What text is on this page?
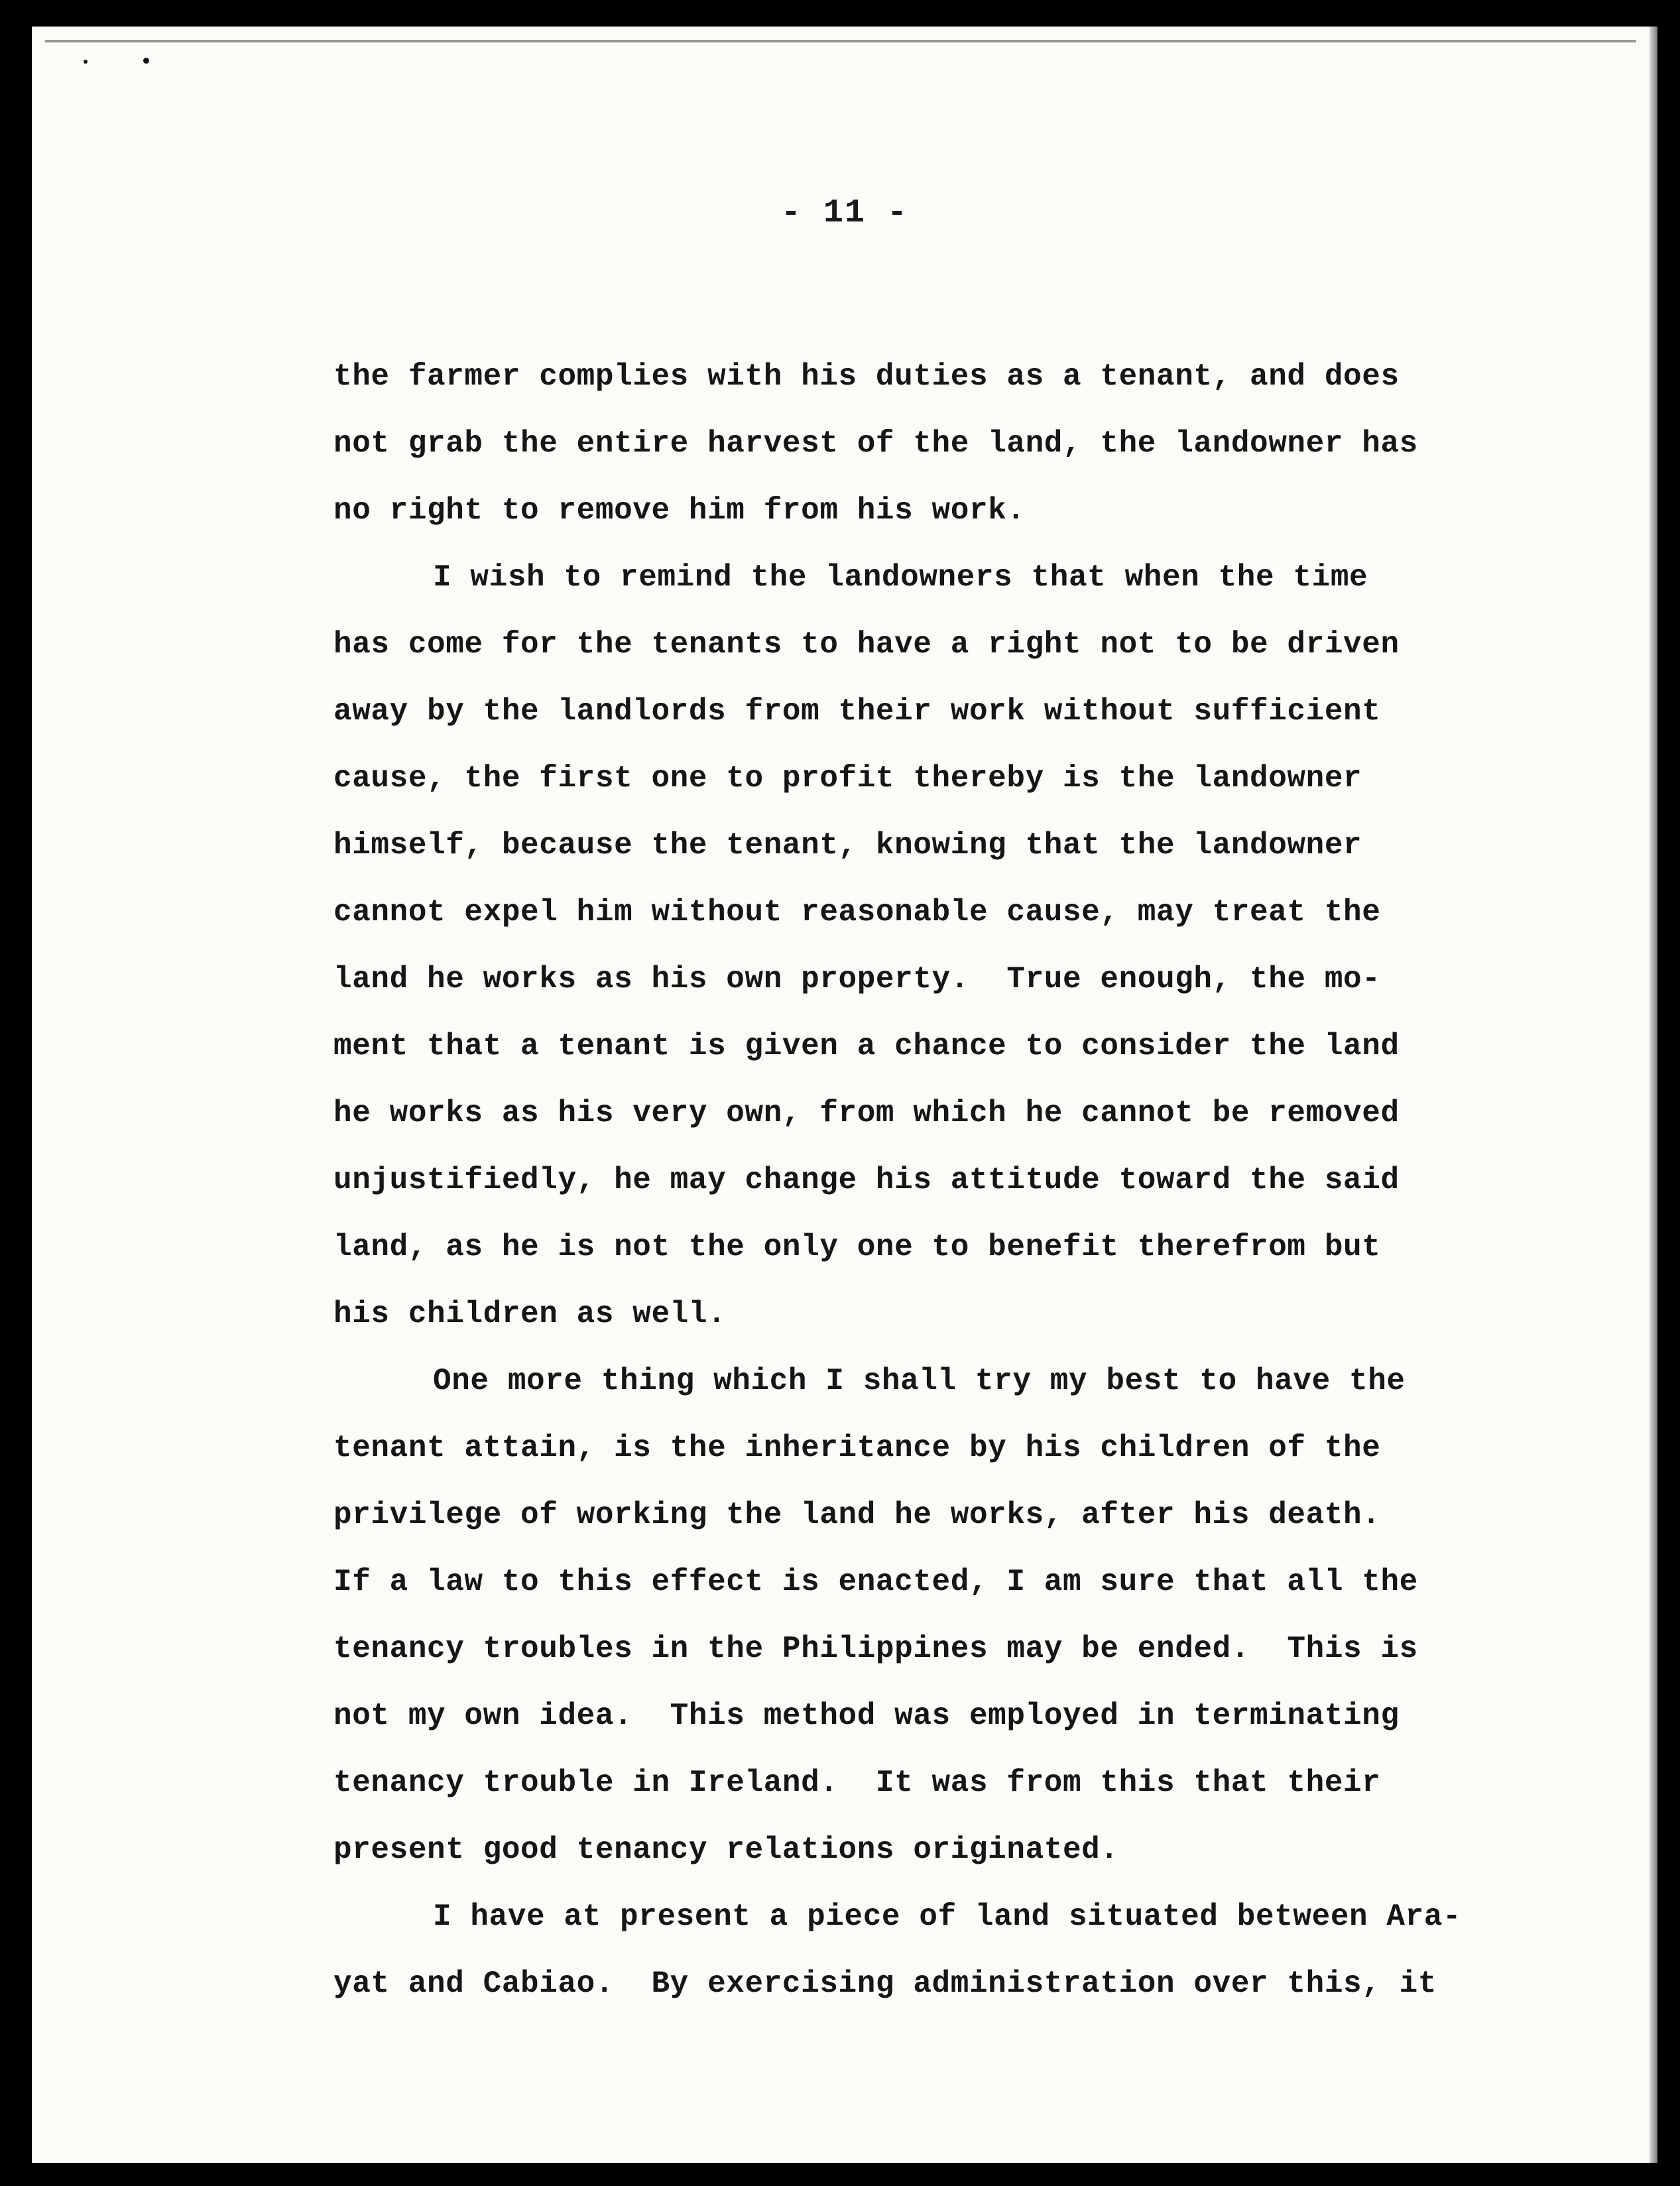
- 11 -
the farmer complies with his duties as a tenant, and does
not grab the entire harvest of the land, the landowner has
no right to remove him from his work.
I wish to remind the landowners that when the time
has come for the tenants to have a right not to be driven
away by the landlords from their work without sufficient
cause, the first one to profit thereby is the landowner
himself, because the tenant, knowing that the landowner
cannot expel him without reasonable cause, may treat the
land he works as his own property.  True enough, the mo-
ment that a tenant is given a chance to consider the land
he works as his very own, from which he cannot be removed
unjustifiedly, he may change his attitude toward the said
land, as he is not the only one to benefit therefrom but
his children as well.
One more thing which I shall try my best to have the
tenant attain, is the inheritance by his children of the
privilege of working the land he works, after his death.
If a law to this effect is enacted, I am sure that all the
tenancy troubles in the Philippines may be ended.  This is
not my own idea.  This method was employed in terminating
tenancy trouble in Ireland.  It was from this that their
present good tenancy relations originated.
I have at present a piece of land situated between Ara-
yat and Cabiao.  By exercising administration over this, it
